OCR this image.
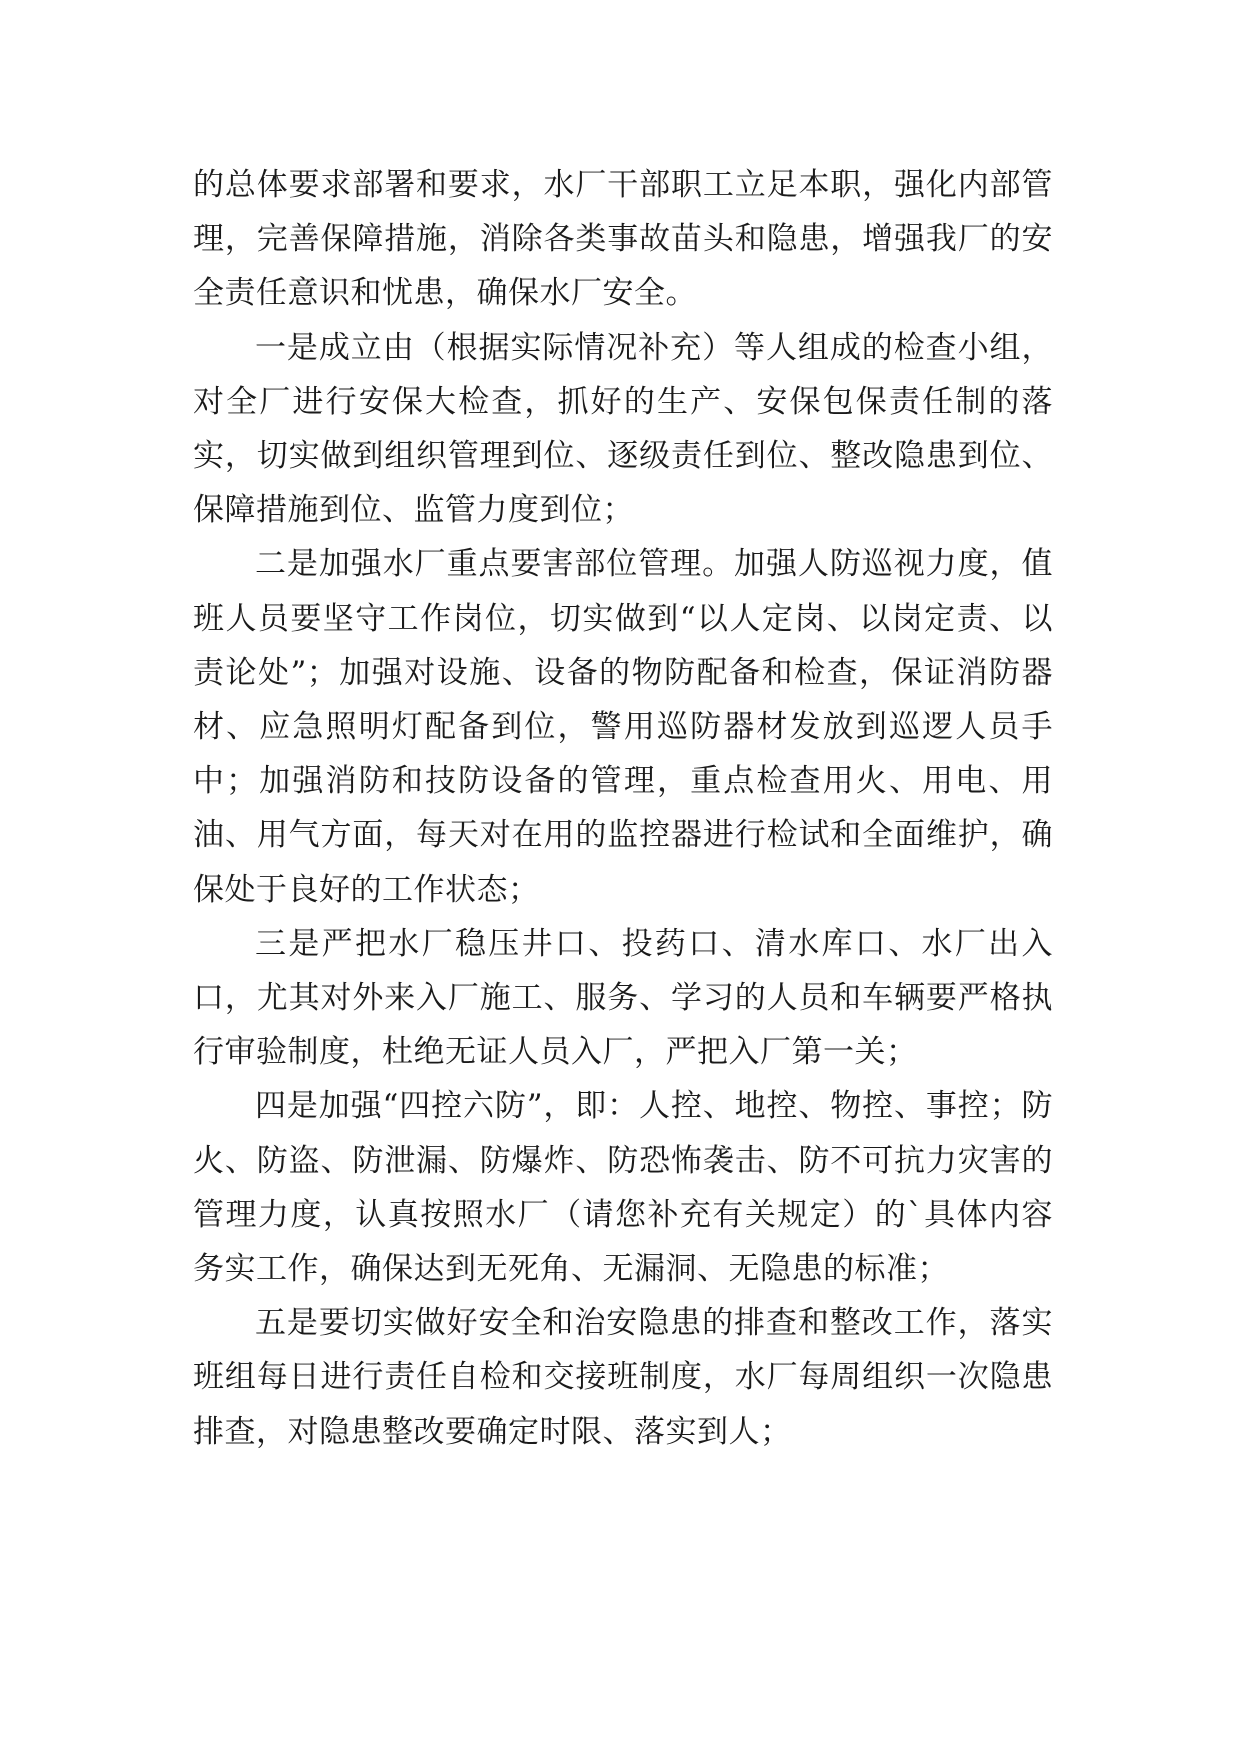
的总体要求部署和要求，水厂干部职工立足本职，强化内部管理，完善保障措施，消除各类事故苗头和隐患，增强我厂的安全责任意识和忧患，确保水厂安全。

一是成立由（根据实际情况补充）等人组成的检查小组，对全厂进行安保大检查，抓好的生产、安保包保责任制的落实，切实做到组织管理到位、逐级责任到位、整改隐患到位、保障措施到位、监管力度到位；

二是加强水厂重点要害部位管理。加强人防巡视力度，值班人员要坚守工作岗位，切实做到“以人定岗、以岗定责、以责论处”；加强对设施、设备的物防配备和检查，保证消防器材、应急照明灯配备到位，警用巡防器材发放到巡逻人员手中；加强消防和技防设备的管理，重点检查用火、用电、用油、用气方面，每天对在用的监控器进行检试和全面维护，确保处于良好的工作状态；

三是严把水厂稳压井口、投药口、清水库口、水厂出入口，尤其对外来入厂施工、服务、学习的人员和车辆要严格执行审验制度，杜绝无证人员入厂，严把入厂第一关；

四是加强“四控六防”，即：人控、地控、物控、事控；防火、防盗、防泄漏、防爆炸、防恐怖袭击、防不可抗力灾害的管理力度，认真按照水厂（请您补充有关规定）的`具体内容务实工作，确保达到无死角、无漏洞、无隐患的标准；

五是要切实做好安全和治安隐患的排查和整改工作，落实班组每日进行责任自检和交接班制度，水厂每周组织一次隐患排查，对隐患整改要确定时限、落实到人；
